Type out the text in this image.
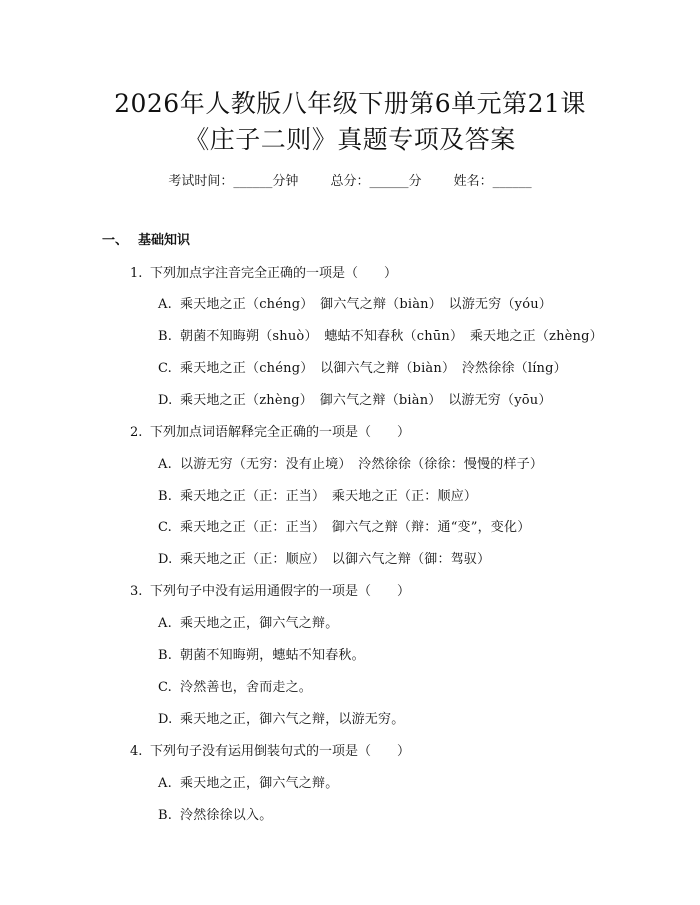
2026年人教版八年级下册第6单元第21课
《庄子二则》真题专项及答案
考试时间：______分钟 总分：______分 姓名：______
一、 基础知识
1. 下列加点字注音完全正确的一项是（　　）
A. 乘天地之正（chéng）　御六气之辩（biàn）　以游无穷（yóu）
B. 朝菌不知晦朔（shuò）　蟪蛄不知春秋（chūn）　乘天地之正（zhèng）
C. 乘天地之正（chéng）　以御六气之辩（biàn）　泠然徐徐（líng）
D. 乘天地之正（zhèng）　御六气之辩（biàn）　以游无穷（yōu）
2. 下列加点词语解释完全正确的一项是（　　）
A. 以游无穷（无穷：没有止境）　泠然徐徐（徐徐：慢慢的样子）
B. 乘天地之正（正：正当）　乘天地之正（正：顺应）
C. 乘天地之正（正：正当）　御六气之辩（辩：通“变”，变化）
D. 乘天地之正（正：顺应）　以御六气之辩（御：驾驭）
3. 下列句子中没有运用通假字的一项是（　　）
A. 乘天地之正，御六气之辩。
B. 朝菌不知晦朔，蟪蛄不知春秋。
C. 泠然善也，舍而走之。
D. 乘天地之正，御六气之辩，以游无穷。
4. 下列句子没有运用倒装句式的一项是（　　）
A. 乘天地之正，御六气之辩。
B. 泠然徐徐以入。
